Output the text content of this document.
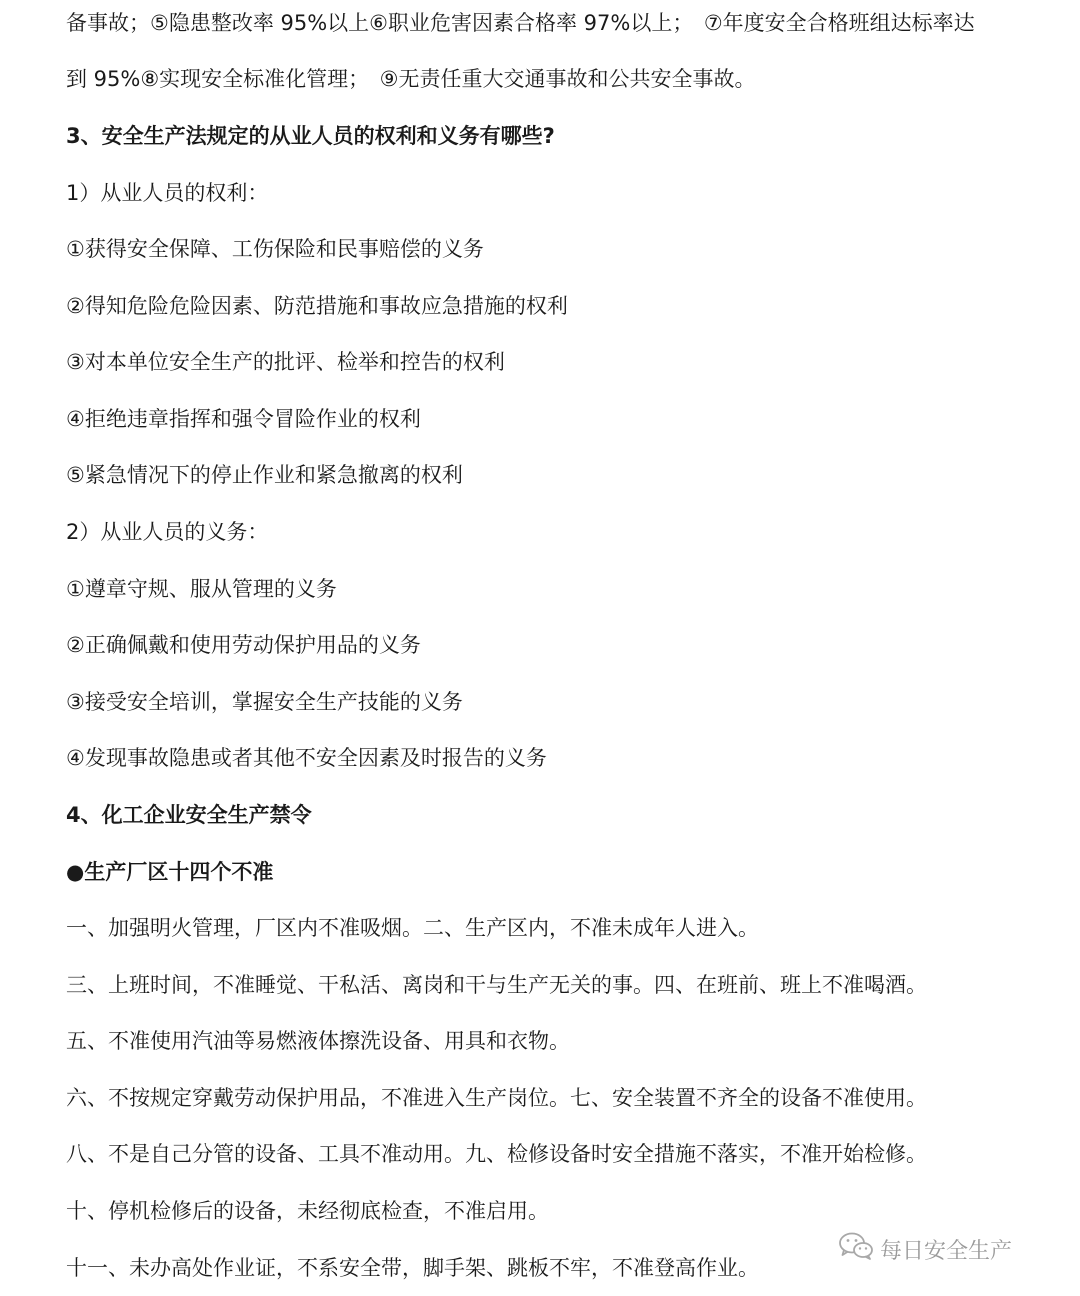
备事故；⑤隐患整改率 95%以上⑥职业危害因素合格率 97%以上；　⑦年度安全合格班组达标率达
到 95%⑧实现安全标准化管理；　⑨无责任重大交通事故和公共安全事故。
3、安全生产法规定的从业人员的权利和义务有哪些?
1）从业人员的权利：
①获得安全保障、工伤保险和民事赔偿的义务
②得知危险危险因素、防范措施和事故应急措施的权利
③对本单位安全生产的批评、检举和控告的权利
④拒绝违章指挥和强令冒险作业的权利
⑤紧急情况下的停止作业和紧急撤离的权利
2）从业人员的义务：
①遵章守规、服从管理的义务
②正确佩戴和使用劳动保护用品的义务
③接受安全培训，掌握安全生产技能的义务
④发现事故隐患或者其他不安全因素及时报告的义务
4、化工企业安全生产禁令
●生产厂区十四个不准
一、加强明火管理，厂区内不准吸烟。二、生产区内，不准未成年人进入。
三、上班时间，不准睡觉、干私活、离岗和干与生产无关的事。四、在班前、班上不准喝酒。
五、不准使用汽油等易燃液体擦洗设备、用具和衣物。
六、不按规定穿戴劳动保护用品，不准进入生产岗位。七、安全装置不齐全的设备不准使用。
八、不是自己分管的设备、工具不准动用。九、检修设备时安全措施不落实，不准开始检修。
十、停机检修后的设备，未经彻底检查，不准启用。
十一、未办高处作业证，不系安全带，脚手架、跳板不牢，不准登高作业。
每日安全生产
